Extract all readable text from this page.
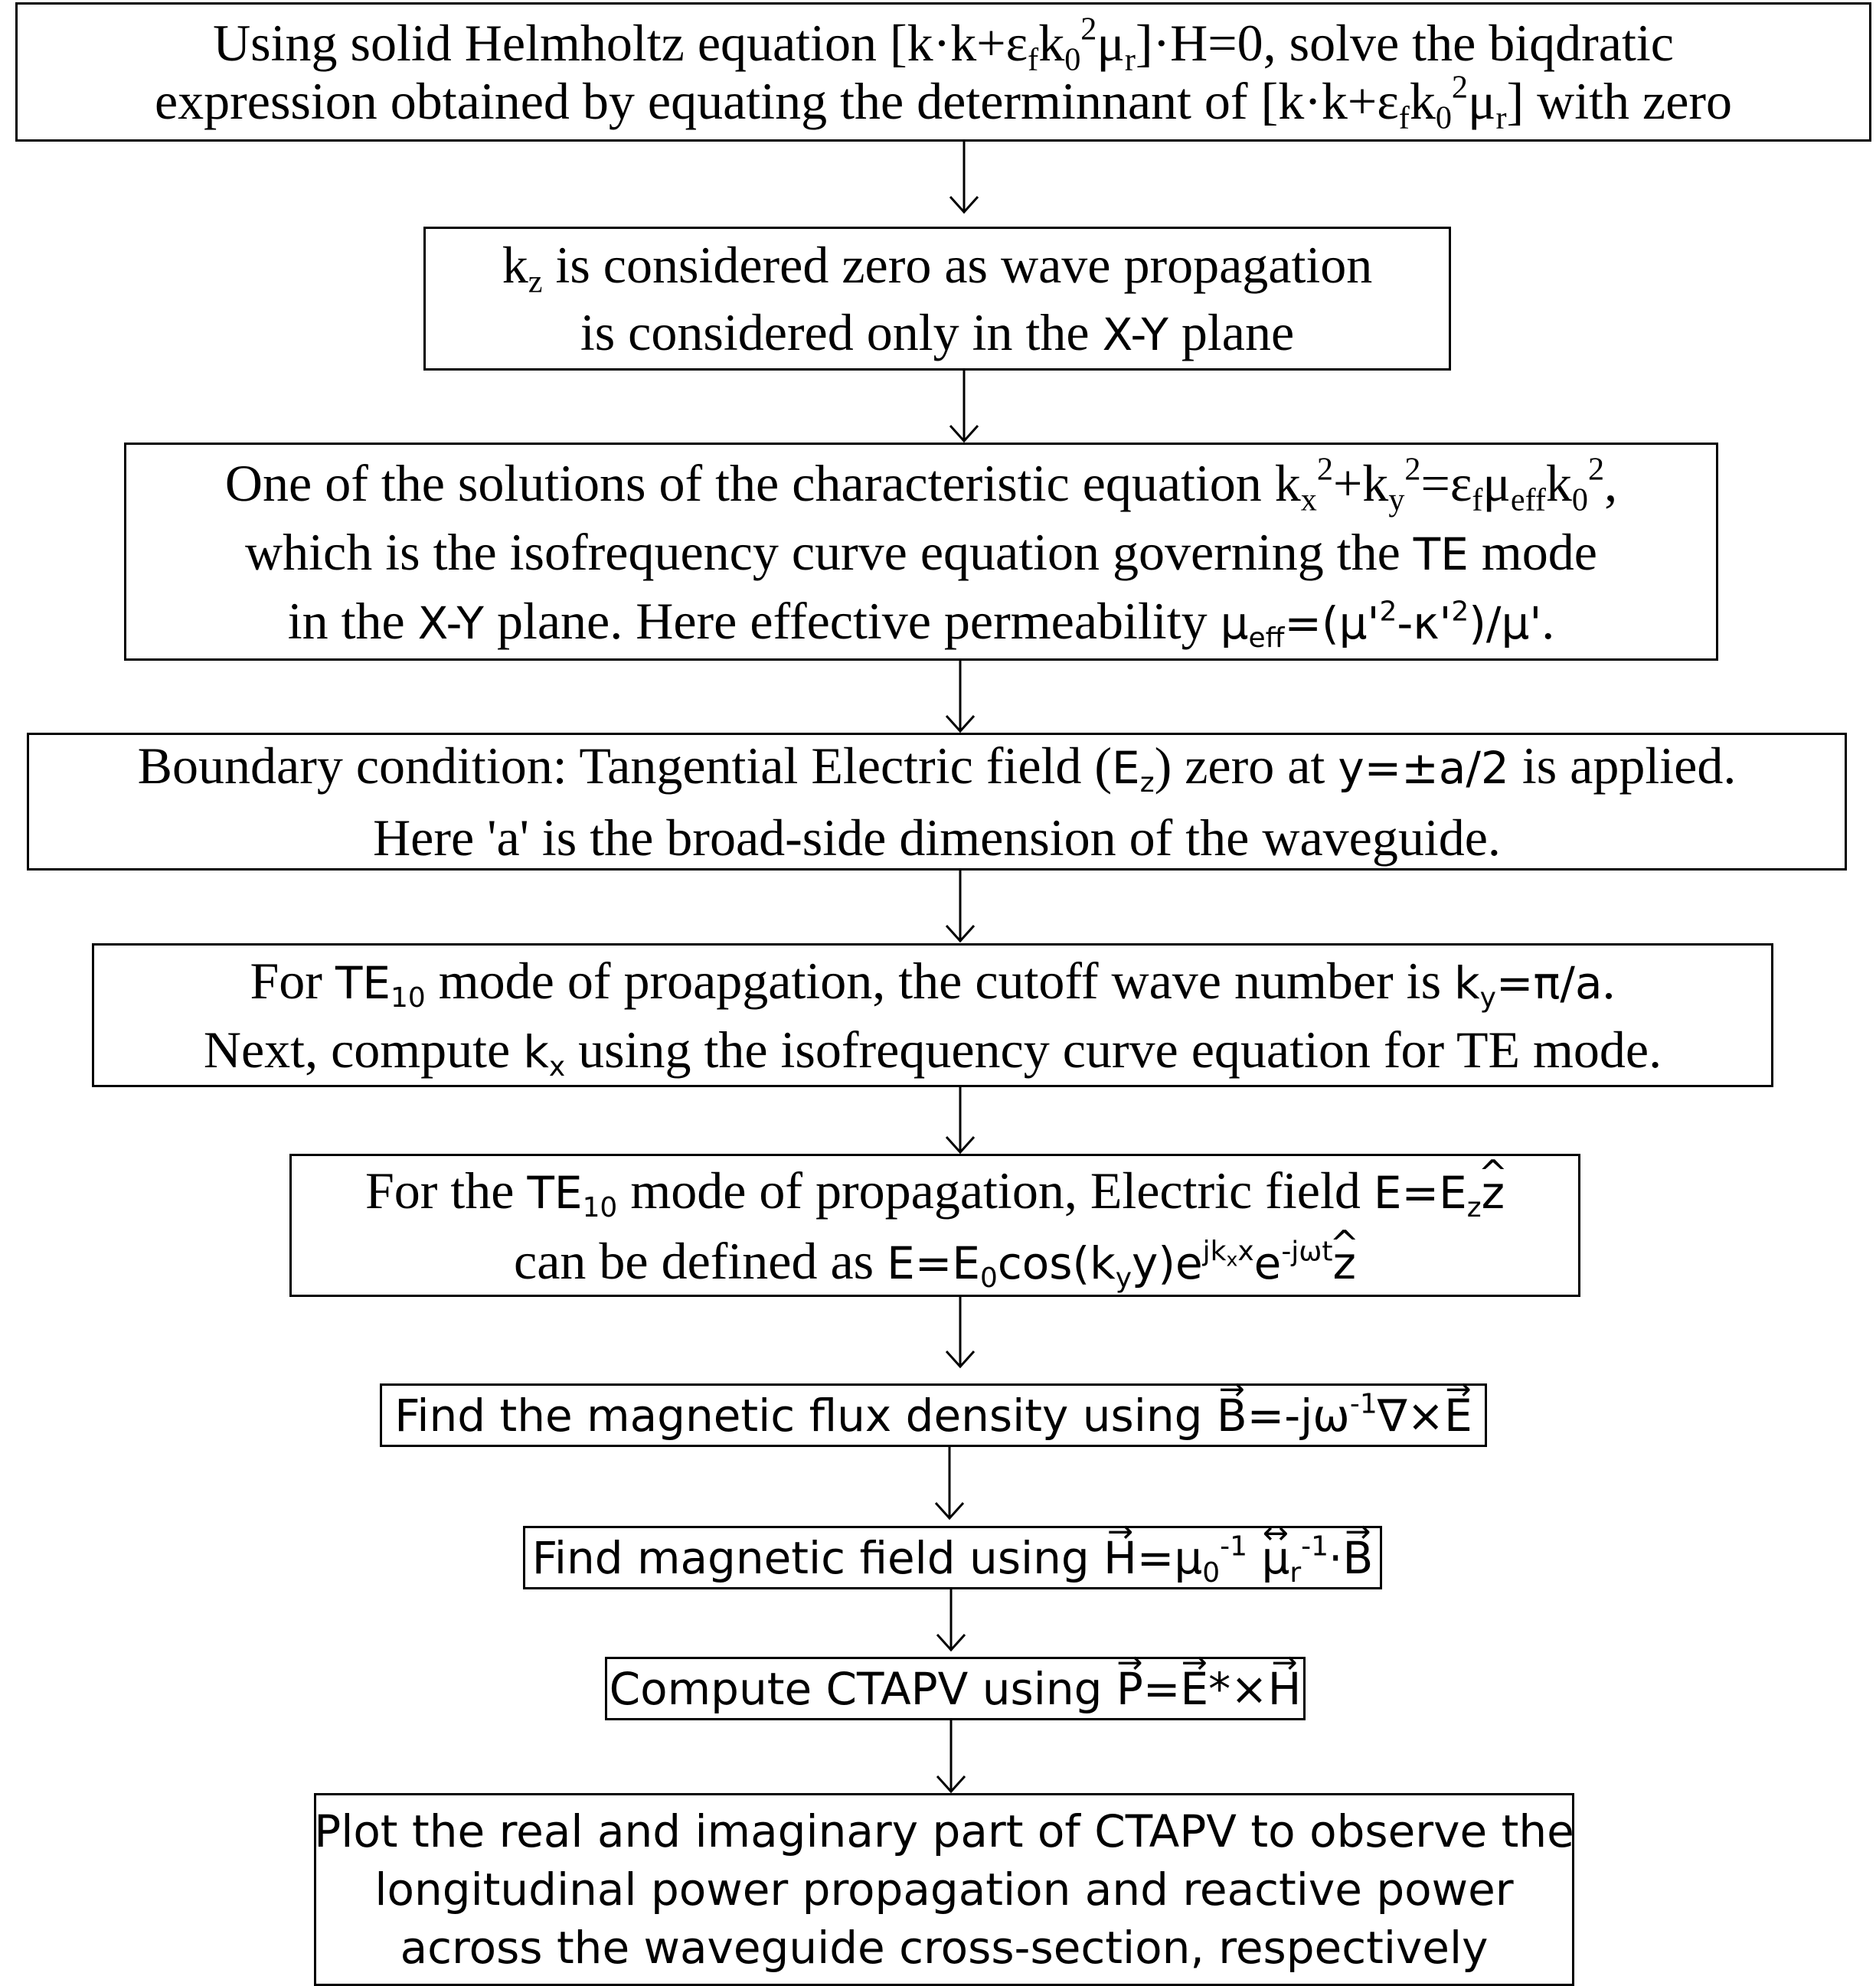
Using solid Helmholtz equation $[k\cdot k+\varepsilon_fk_0^2\mu_r]\cdot H=0$, solve the biqdratic
expression obtained by equating the determinnant of $[k\cdot k+\varepsilon_fk_0^2\mu_r]$ with zero
$k_z$ is considered zero as wave propagation
is considered only in the X-Y plane
One of the solutions of the characteristic equation $k_x^2+k_y^2=\varepsilon_f\mu_{eff}k_0^2$,
which is the isofrequency curve equation governing the TE mode
in the X-Y plane. Here effective permeability $\mu_{eff}=(\mu'^2-\kappa'^2)/\mu'$.
Boundary condition: Tangential Electric field $(E_z)$ zero at y=±a/2 is applied.
Here 'a' is the broad-side dimension of the waveguide.
For $TE_{10}$ mode of proapgation, the cutoff wave number is $k_y=\pi/a$.
Next, compute $k_x$ using the isofrequency curve equation for TE mode.
For the $TE_{10}$ mode of propagation, Electric field $E=E_zz$ ^
can be defined as $E=E_0\cos(k_yy)e^{jk_xx}e^{-j\omega t}z$ ^
Find the magnetic flux density using $B \to=-j\omega^{-1}\nabla\times E$ →
Find magnetic field using $H \to=\mu_0^{-1}$ μ $\leftrightarrow_r^{-1}\cdot B$ →
Compute CTAPV using P →=E →*×H →
Plot the real and imaginary part of CTAPV to observe the
longitudinal power propagation and reactive power
across the waveguide cross-section, respectively
